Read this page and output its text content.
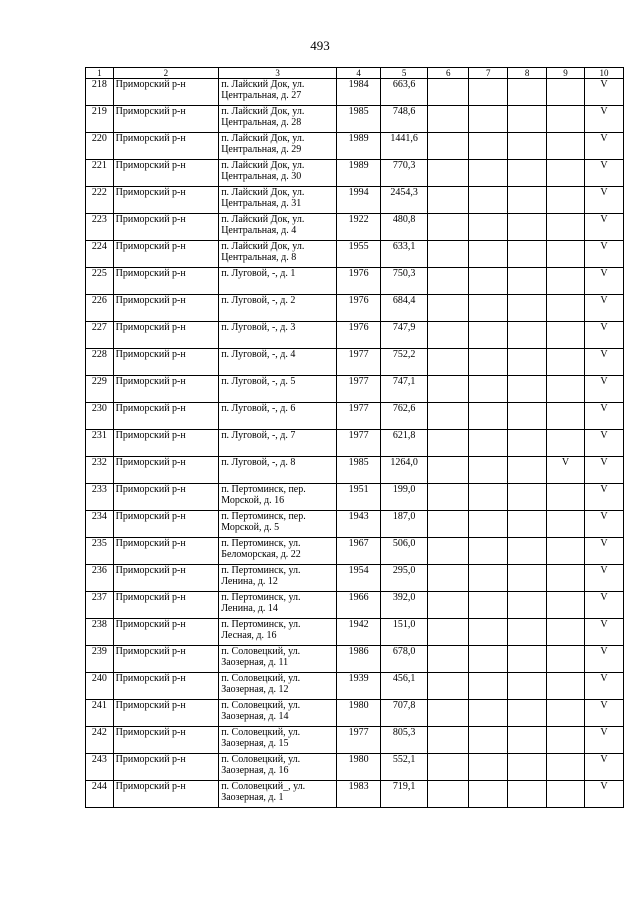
493
1	2	3	4	5	6	7	8	9	10
218	Приморский р-н	п. Лайский Док, ул. Центральная, д. 27	1984	663,6					V
219	Приморский р-н	п. Лайский Док, ул. Центральная, д. 28	1985	748,6					V
220	Приморский р-н	п. Лайский Док, ул. Центральная, д. 29	1989	1441,6					V
221	Приморский р-н	п. Лайский Док, ул. Центральная, д. 30	1989	770,3					V
222	Приморский р-н	п. Лайский Док, ул. Центральная, д. 31	1994	2454,3					V
223	Приморский р-н	п. Лайский Док, ул. Центральная, д. 4	1922	480,8					V
224	Приморский р-н	п. Лайский Док, ул. Центральная, д. 8	1955	633,1					V
225	Приморский р-н	п. Луговой, -, д. 1	1976	750,3					V
226	Приморский р-н	п. Луговой, -, д. 2	1976	684,4					V
227	Приморский р-н	п. Луговой, -, д. 3	1976	747,9					V
228	Приморский р-н	п. Луговой, -, д. 4	1977	752,2					V
229	Приморский р-н	п. Луговой, -, д. 5	1977	747,1					V
230	Приморский р-н	п. Луговой, -, д. 6	1977	762,6					V
231	Приморский р-н	п. Луговой, -, д. 7	1977	621,8					V
232	Приморский р-н	п. Луговой, -, д. 8	1985	1264,0				V	V
233	Приморский р-н	п. Пертоминск, пер. Морской, д. 16	1951	199,0					V
234	Приморский р-н	п. Пертоминск, пер. Морской, д. 5	1943	187,0					V
235	Приморский р-н	п. Пертоминск, ул. Беломорская, д. 22	1967	506,0					V
236	Приморский р-н	п. Пертоминск, ул. Ленина, д. 12	1954	295,0					V
237	Приморский р-н	п. Пертоминск, ул. Ленина, д. 14	1966	392,0					V
238	Приморский р-н	п. Пертоминск, ул. Лесная, д. 16	1942	151,0					V
239	Приморский р-н	п. Соловецкий, ул. Заозерная, д. 11	1986	678,0					V
240	Приморский р-н	п. Соловецкий, ул. Заозерная, д. 12	1939	456,1					V
241	Приморский р-н	п. Соловецкий, ул. Заозерная, д. 14	1980	707,8					V
242	Приморский р-н	п. Соловецкий, ул. Заозерная, д. 15	1977	805,3					V
243	Приморский р-н	п. Соловецкий, ул. Заозерная, д. 16	1980	552,1					V
244	Приморский р-н	п. Соловецкий_, ул. Заозерная, д. 1	1983	719,1					V
